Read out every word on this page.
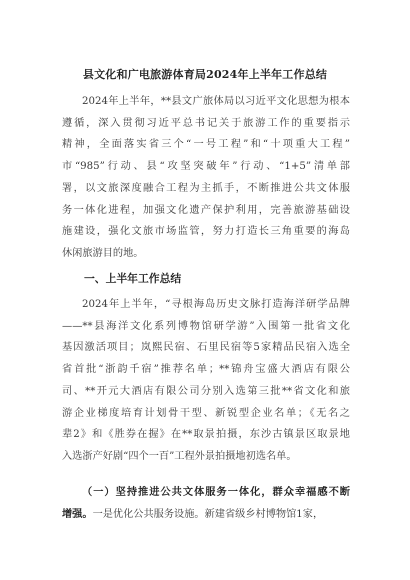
县文化和广电旅游体育局2024年上半年工作总结
2024年上半年，**县文广旅体局以习近平文化思想为根本
遵循，深入贯彻习近平总书记关于旅游工作的重要指示
精神，全面落实省三个“一号工程”和“十项重大工程”
市“985”行动、县“攻坚突破年”行动、“1+5”清单部
署，以文旅深度融合工程为主抓手，不断推进公共文体服
务一体化进程，加强文化遗产保护利用，完善旅游基础设
施建设，强化文旅市场监管，努力打造长三角重要的海岛
休闲旅游目的地。
一、上半年工作总结
2024年上半年，“寻根海岛历史文脉打造海洋研学品牌
——**县海洋文化系列博物馆研学游”入围第一批省文化
基因激活项目；岚熙民宿、石里民宿等5家精品民宿入选全
省首批“浙韵千宿”推荐名单；**锦舟宝盛大酒店有限公
司、**开元大酒店有限公司分别入选第三批**省文化和旅
游企业梯度培育计划骨干型、新锐型企业名单；《无名之
辈2》和《胜券在握》在**取景拍摄，东沙古镇景区取景地
入选浙产好剧“四个一百”工程外景拍摄地初选名单。
（一）坚持推进公共文体服务一体化，群众幸福感不断
增强。一是优化公共服务设施。新建省级乡村博物馆1家，
